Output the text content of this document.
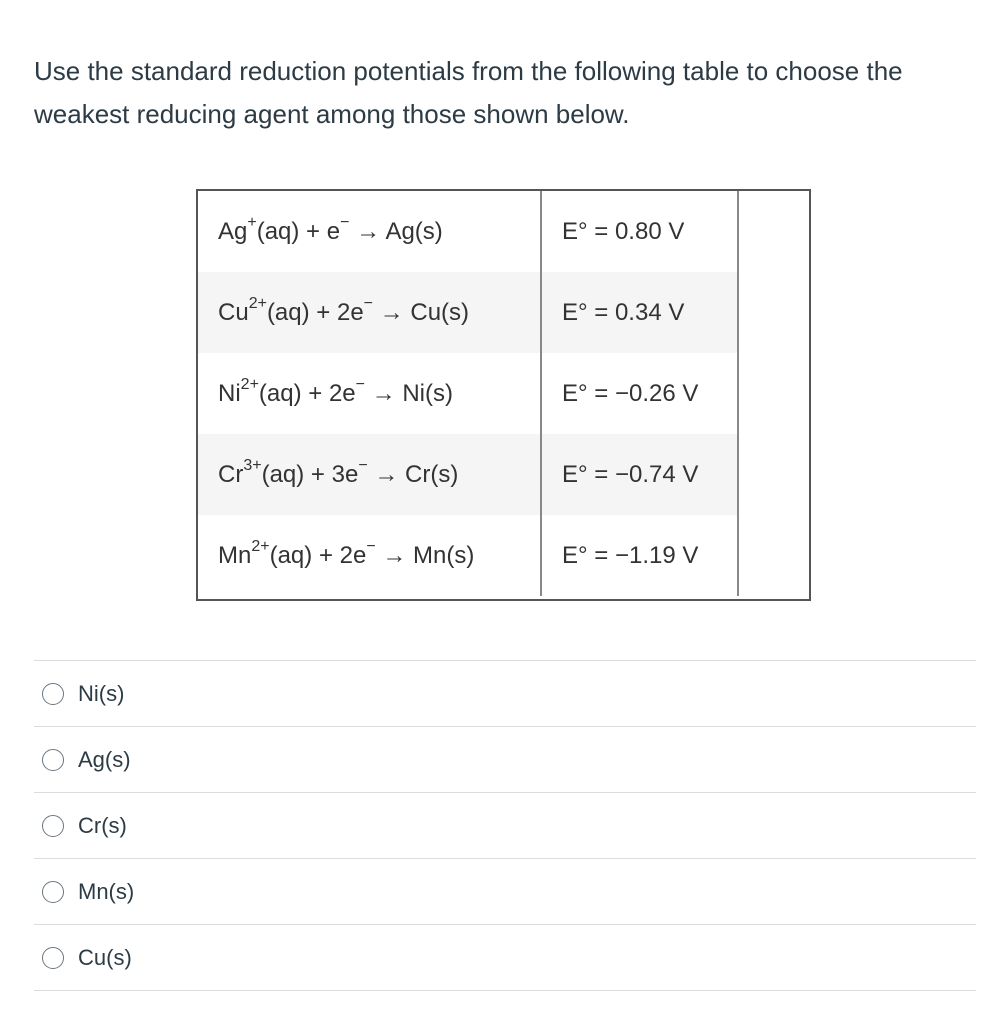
Use the standard reduction potentials from the following table to choose the weakest reducing agent among those shown below.

Ag+(aq) + e− → Ag(s)	E° = 0.80 V
$Cu^{2+}(aq) + 2e^- \to Cu(s)$	E° = 0.34 V
$Ni^{2+}(aq) + 2e^- \to Ni(s)$	E° = −0.26 V
$Cr^{3+}(aq) + 3e^- \to Cr(s)$	E° = −0.74 V
$Mn^{2+}(aq) + 2e^- \to Mn(s)$	E° = −1.19 V
Ni(s)
Ag(s)
Cr(s)
Mn(s)
Cu(s)
